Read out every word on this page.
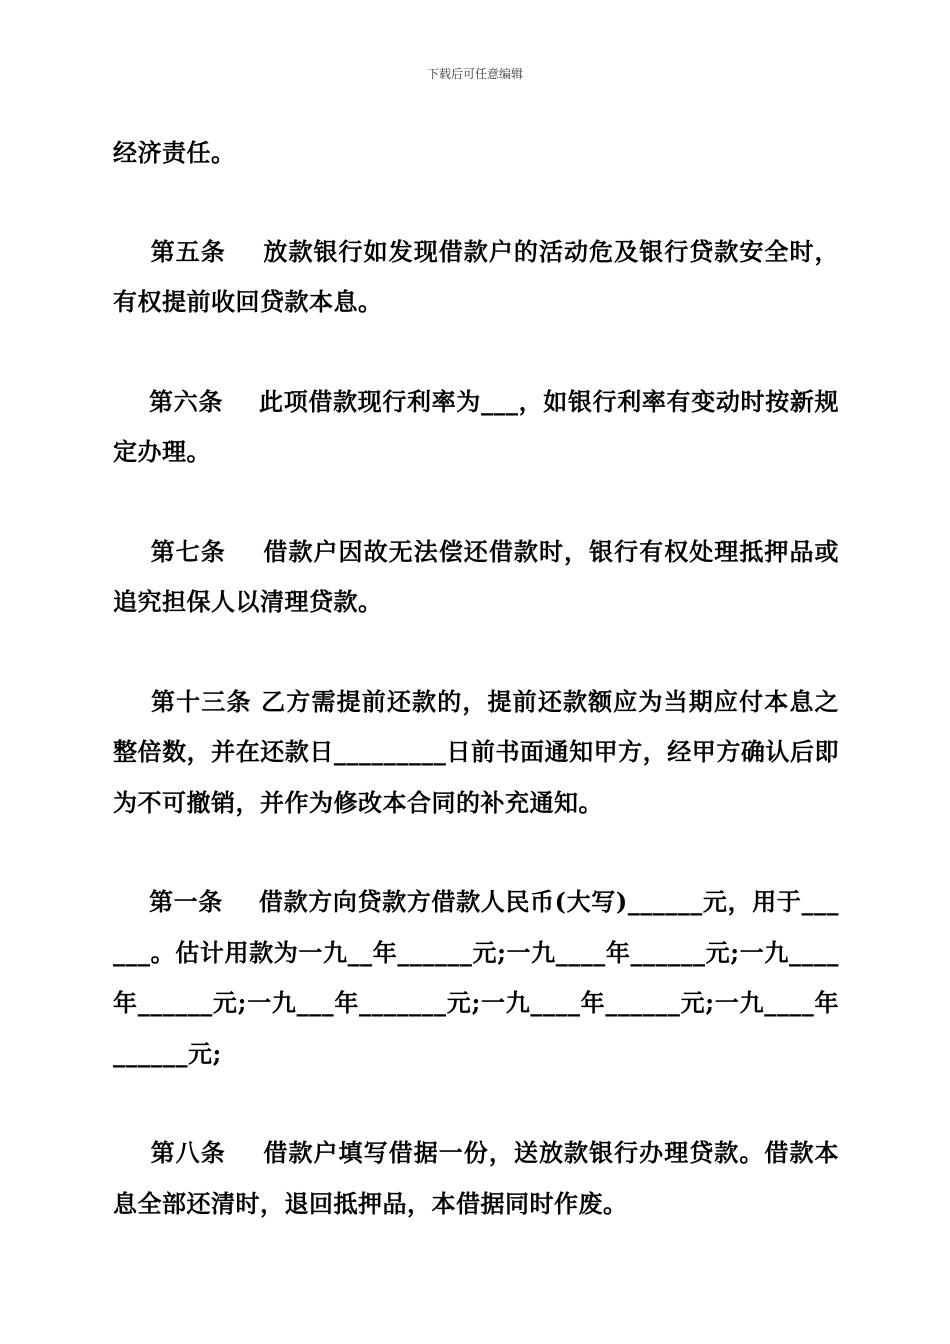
下载后可任意编辑

经济责任。

第五条    放款银行如发现借款户的活动危及银行贷款安全时，有权提前收回贷款本息。

第六条    此项借款现行利率为___，如银行利率有变动时按新规定办理。

第七条    借款户因故无法偿还借款时，银行有权处理抵押品或追究担保人以清理贷款。

第十三条 乙方需提前还款的，提前还款额应为当期应付本息之整倍数，并在还款日_________日前书面通知甲方，经甲方确认后即为不可撤销，并作为修改本合同的补充通知。

第一条    借款方向贷款方借款人民币(大写)______元，用于______。估计用款为一九__年______元;一九____年______元;一九____年______元;一九___年_______元;一九____年______元;一九____年______元;

第八条    借款户填写借据一份，送放款银行办理贷款。借款本息全部还清时，退回抵押品，本借据同时作废。
